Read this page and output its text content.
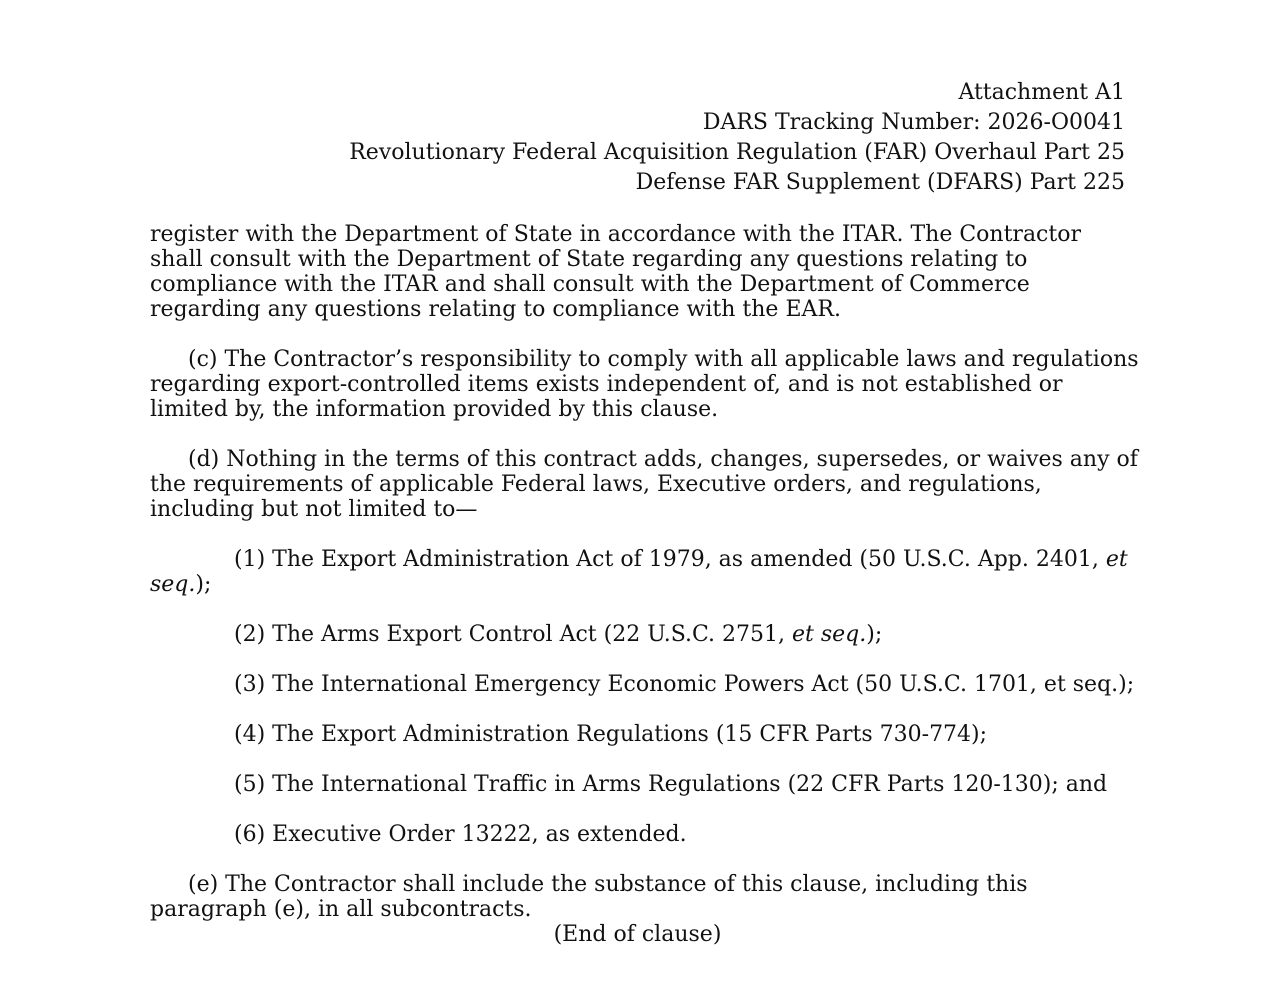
Attachment A1
DARS Tracking Number: 2026-O0041
Revolutionary Federal Acquisition Regulation (FAR) Overhaul Part 25
Defense FAR Supplement (DFARS) Part 225

register with the Department of State in accordance with the ITAR. The Contractor shall consult with the Department of State regarding any questions relating to compliance with the ITAR and shall consult with the Department of Commerce regarding any questions relating to compliance with the EAR.

(c) The Contractor’s responsibility to comply with all applicable laws and regulations regarding export-controlled items exists independent of, and is not established or limited by, the information provided by this clause.

(d) Nothing in the terms of this contract adds, changes, supersedes, or waives any of the requirements of applicable Federal laws, Executive orders, and regulations, including but not limited to—

(1) The Export Administration Act of 1979, as amended (50 U.S.C. App. 2401, et seq.);

(2) The Arms Export Control Act (22 U.S.C. 2751, et seq.);

(3) The International Emergency Economic Powers Act (50 U.S.C. 1701, et seq.);

(4) The Export Administration Regulations (15 CFR Parts 730-774);

(5) The International Traffic in Arms Regulations (22 CFR Parts 120-130); and

(6) Executive Order 13222, as extended.

(e) The Contractor shall include the substance of this clause, including this paragraph (e), in all subcontracts.

(End of clause)
